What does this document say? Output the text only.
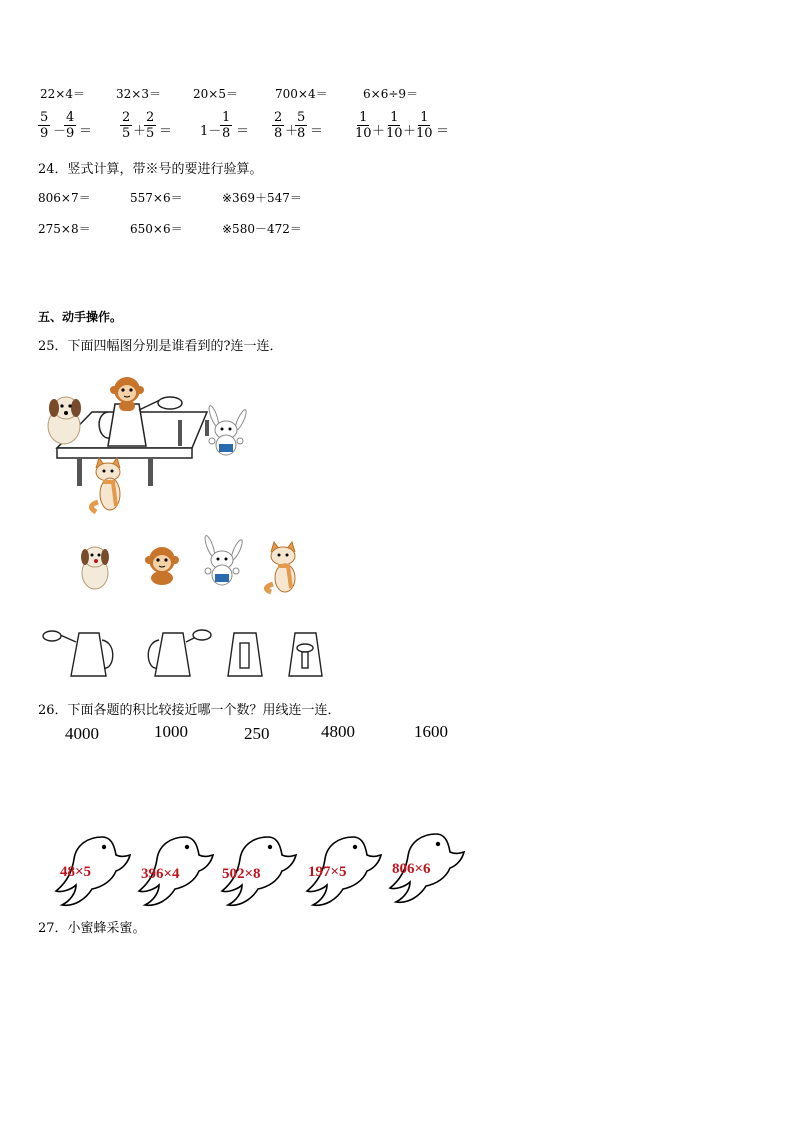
22×4＝	32×3＝	20×5＝	700×4＝	6×6÷9＝
$\frac{5}{9}$ －
$\frac{4}{9} = \frac{2}{5}$ ＋
$\frac{2}{5} = 1-$
$\frac{1}{8} = \frac{2}{8}$ ＋
$\frac{5}{8} = \frac{1}{10}$
＋
$\frac{1}{10}$
＋
$\frac{1}{10}$ ＝
24．竖式计算，带※号的要进行验算。
806×7＝	557×6＝	※369＋547＝
275×8＝	650×6＝	※580－472＝
五、动手操作。
25．下面四幅图分别是谁看到的?连一连．
26．下面各题的积比较接近哪一个数？用线连一连．
4000	1000	250	4800	1600
48×5	396×4	502×8	197×5	806×6
27．小蜜蜂采蜜。
